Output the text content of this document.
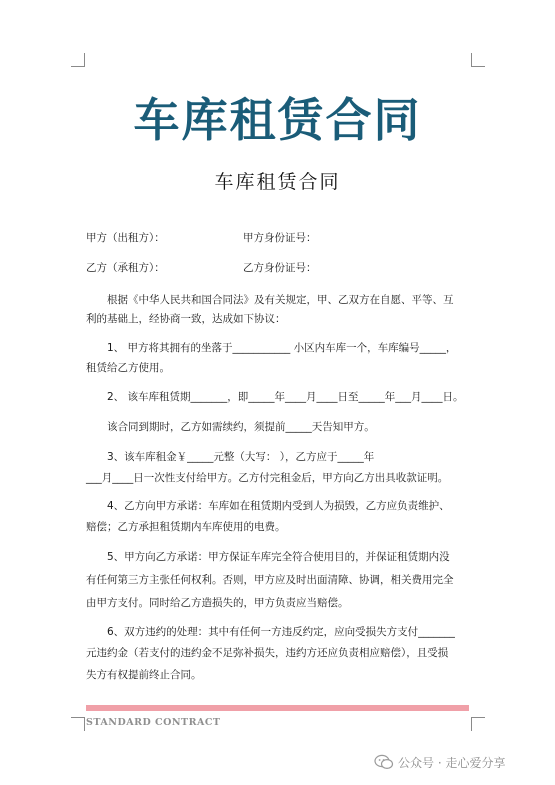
车库租赁合同
车库租赁合同
甲方（出租方）：	甲方身份证号：
乙方（承租方）：	乙方身份证号：
根据《中华人民共和国合同法》及有关规定，甲、乙双方在自愿、平等、互
利的基础上，经协商一致，达成如下协议：
1、 甲方将其拥有的坐落于___________ 小区内车库一个，车库编号_____，
租赁给乙方使用。
2、 该车库租赁期_______，即_____年____月____日至_____年___月____日。
该合同到期时，乙方如需续约，须提前_____天告知甲方。
3、该车库租金￥_____元整（大写： ），乙方应于_____年
___月____日一次性支付给甲方。乙方付完租金后，甲方向乙方出具收款证明。
4、乙方向甲方承诺：车库如在租赁期内受到人为损毁，乙方应负责维护、
赔偿；乙方承担租赁期内车库使用的电费。
5、甲方向乙方承诺：甲方保证车库完全符合使用目的，并保证租赁期内没
有任何第三方主张任何权利。否则，甲方应及时出面清障、协调，相关费用完全
由甲方支付。同时给乙方造损失的，甲方负责应当赔偿。
6、双方违约的处理：其中有任何一方违反约定，应向受损失方支付_______
元违约金（若支付的违约金不足弥补损失，违约方还应负责相应赔偿），且受损
失方有权提前终止合同。
STANDARD CONTRACT
公众号 · 走心爱分享
